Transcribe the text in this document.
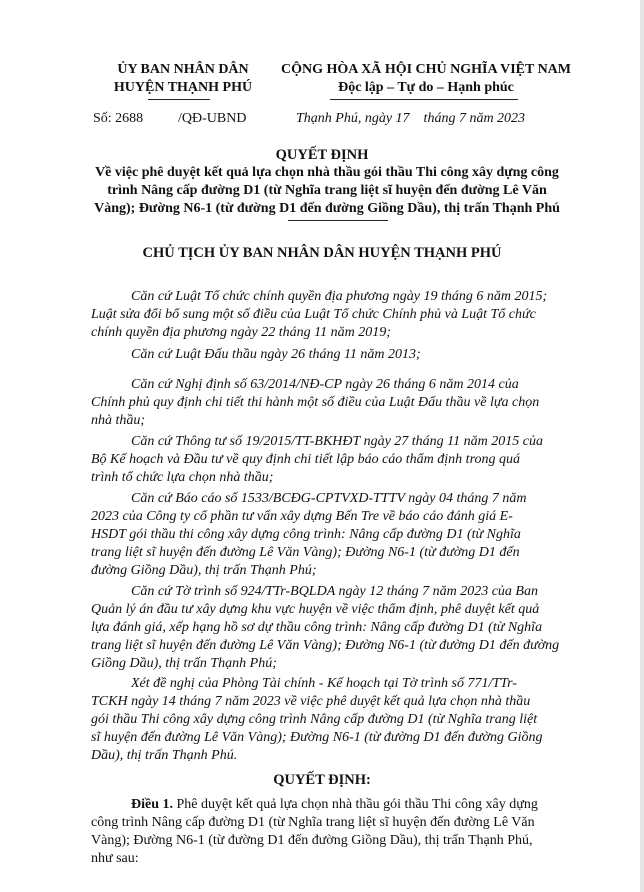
ỦY BAN NHÂN DÂN
HUYỆN THẠNH PHÚ
CỘNG HÒA XÃ HỘI CHỦ NGHĨA VIỆT NAM
Độc lập – Tự do – Hạnh phúc
Số: 2688 /QĐ-UBND	Thạnh Phú, ngày 17    tháng 7 năm 2023
QUYẾT ĐỊNH
Về việc phê duyệt kết quả lựa chọn nhà thầu gói thầu Thi công xây dựng công
trình Nâng cấp đường D1 (từ Nghĩa trang liệt sĩ huyện đến đường Lê Văn
Vàng); Đường N6-1 (từ đường D1 đến đường Giồng Dầu), thị trấn Thạnh Phú
CHỦ TỊCH ỦY BAN NHÂN DÂN HUYỆN THẠNH PHÚ
Căn cứ Luật Tổ chức chính quyền địa phương ngày 19 tháng 6 năm 2015;
Luật sửa đổi bổ sung một số điều của Luật Tổ chức Chính phủ và Luật Tổ chức
chính quyền địa phương ngày 22 tháng 11 năm 2019;
Căn cứ Luật Đấu thầu ngày 26 tháng 11 năm 2013;
Căn cứ Nghị định số 63/2014/NĐ-CP ngày 26 tháng 6 năm 2014 của
Chính phủ quy định chi tiết thi hành một số điều của Luật Đấu thầu về lựa chọn
nhà thầu;
Căn cứ Thông tư số 19/2015/TT-BKHĐT ngày 27 tháng 11 năm 2015 của
Bộ Kế hoạch và Đầu tư về quy định chi tiết lập báo cáo thẩm định trong quá
trình tổ chức lựa chọn nhà thầu;
Căn cứ Báo cáo số 1533/BCĐG-CPTVXD-TTTV ngày 04 tháng 7 năm
2023 của Công ty cổ phần tư vấn xây dựng Bến Tre về báo cáo đánh giá E-
HSDT gói thầu thi công xây dựng công trình: Nâng cấp đường D1 (từ Nghĩa
trang liệt sĩ huyện đến đường Lê Văn Vàng); Đường N6-1 (từ đường D1 đến
đường Giồng Dầu), thị trấn Thạnh Phú;
Căn cứ Tờ trình số 924/TTr-BQLDA ngày 12 tháng 7 năm 2023 của Ban
Quản lý án đầu tư xây dựng khu vực huyện về việc thẩm định, phê duyệt kết quả
lựa đánh giá, xếp hạng hồ sơ dự thầu công trình: Nâng cấp đường D1 (từ Nghĩa
trang liệt sĩ huyện đến đường Lê Văn Vàng); Đường N6-1 (từ đường D1 đến đường
Giồng Dầu), thị trấn Thạnh Phú;
Xét đề nghị của Phòng Tài chính - Kế hoạch tại Tờ trình số 771/TTr-
TCKH ngày 14 tháng 7 năm 2023 về việc phê duyệt kết quả lựa chọn nhà thầu
gói thầu Thi công xây dựng công trình Nâng cấp đường D1 (từ Nghĩa trang liệt
sĩ huyện đến đường Lê Văn Vàng); Đường N6-1 (từ đường D1 đến đường Giồng
Dầu), thị trấn Thạnh Phú.
QUYẾT ĐỊNH:
Điều 1. Phê duyệt kết quả lựa chọn nhà thầu gói thầu Thi công xây dựng
công trình Nâng cấp đường D1 (từ Nghĩa trang liệt sĩ huyện đến đường Lê Văn
Vàng); Đường N6-1 (từ đường D1 đến đường Giồng Dầu), thị trấn Thạnh Phú,
như sau:
